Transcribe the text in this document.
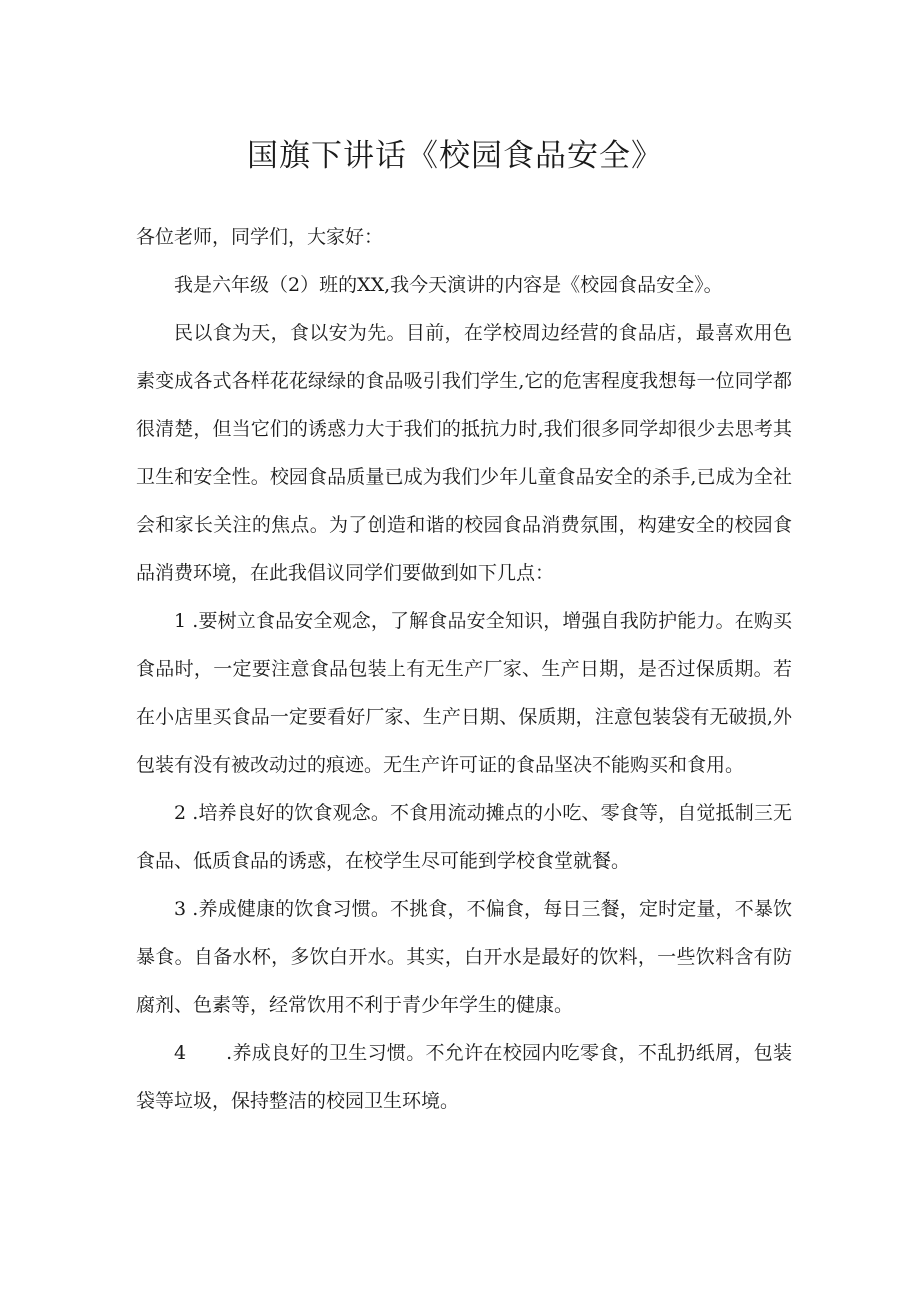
国旗下讲话《校园食品安全》

各位老师，同学们，大家好：

我是六年级（2）班的XX,我今天演讲的内容是《校园食品安全》。

民以食为天，食以安为先。目前，在学校周边经营的食品店，最喜欢用色素变成各式各样花花绿绿的食品吸引我们学生,它的危害程度我想每一位同学都很清楚，但当它们的诱惑力大于我们的抵抗力时,我们很多同学却很少去思考其卫生和安全性。校园食品质量已成为我们少年儿童食品安全的杀手,已成为全社会和家长关注的焦点。为了创造和谐的校园食品消费氛围，构建安全的校园食品消费环境，在此我倡议同学们要做到如下几点：

1 .要树立食品安全观念，了解食品安全知识，增强自我防护能力。在购买食品时，一定要注意食品包装上有无生产厂家、生产日期，是否过保质期。若在小店里买食品一定要看好厂家、生产日期、保质期，注意包装袋有无破损,外包装有没有被改动过的痕迹。无生产许可证的食品坚决不能购买和食用。

2 .培养良好的饮食观念。不食用流动摊点的小吃、零食等，自觉抵制三无食品、低质食品的诱惑，在校学生尽可能到学校食堂就餐。

3 .养成健康的饮食习惯。不挑食，不偏食，每日三餐，定时定量，不暴饮暴食。自备水杯，多饮白开水。其实，白开水是最好的饮料，一些饮料含有防腐剂、色素等，经常饮用不利于青少年学生的健康。

4 .养成良好的卫生习惯。不允许在校园内吃零食，不乱扔纸屑，包装袋等垃圾，保持整洁的校园卫生环境。
